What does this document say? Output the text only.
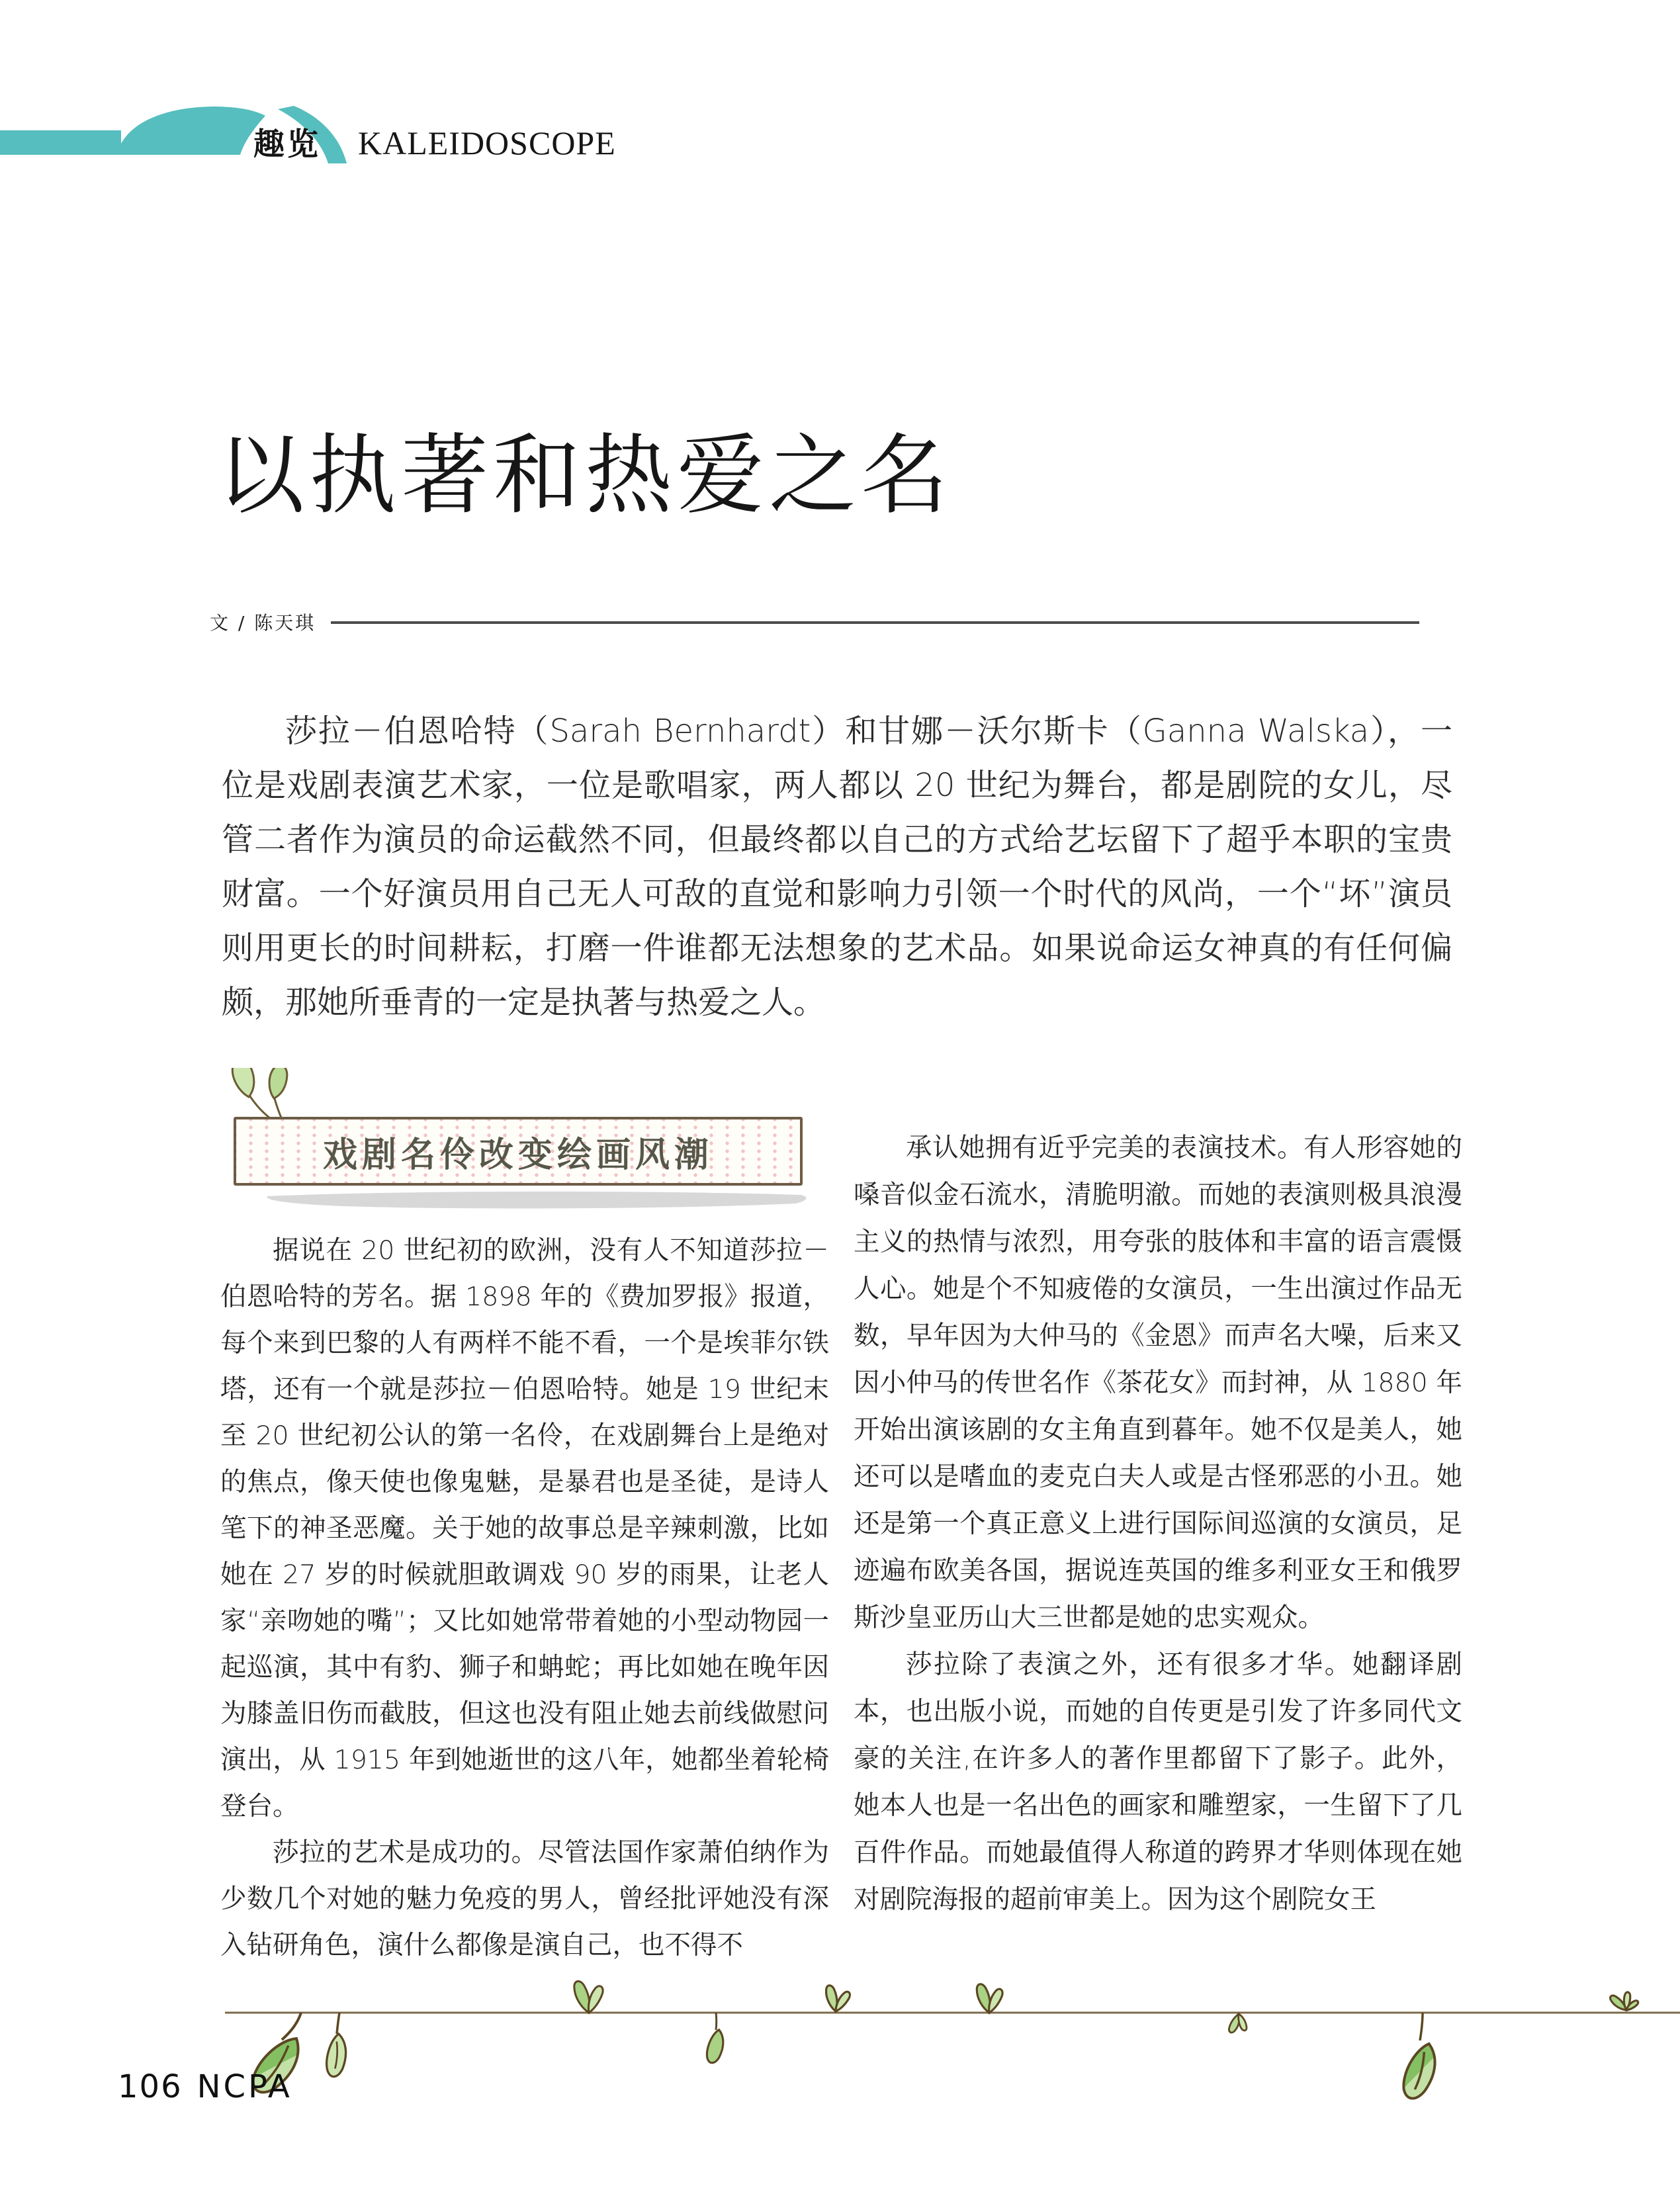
趣览 KALEIDOSCOPE
以执著和热爱之名
文 / 陈天琪

莎拉－伯恩哈特（Sarah Bernhardt）和甘娜－沃尔斯卡（Ganna Walska），一位是戏剧表演艺术家，一位是歌唱家，两人都以 20 世纪为舞台，都是剧院的女儿，尽管二者作为演员的命运截然不同，但最终都以自己的方式给艺坛留下了超乎本职的宝贵财富。一个好演员用自己无人可敌的直觉和影响力引领一个时代的风尚，一个“坏”演员则用更长的时间耕耘，打磨一件谁都无法想象的艺术品。如果说命运女神真的有任何偏颇，那她所垂青的一定是执著与热爱之人。

戏剧名伶改变绘画风潮

据说在 20 世纪初的欧洲，没有人不知道莎拉－伯恩哈特的芳名。据 1898 年的《费加罗报》报道，每个来到巴黎的人有两样不能不看，一个是埃菲尔铁塔，还有一个就是莎拉－伯恩哈特。她是 19 世纪末至 20 世纪初公认的第一名伶，在戏剧舞台上是绝对的焦点，像天使也像鬼魅，是暴君也是圣徒，是诗人笔下的神圣恶魔。关于她的故事总是辛辣刺激，比如她在 27 岁的时候就胆敢调戏 90 岁的雨果，让老人家“亲吻她的嘴”；又比如她常带着她的小型动物园一起巡演，其中有豹、狮子和蚺蛇；再比如她在晚年因为膝盖旧伤而截肢，但这也没有阻止她去前线做慰问演出，从 1915 年到她逝世的这八年，她都坐着轮椅登台。

莎拉的艺术是成功的。尽管法国作家萧伯纳作为少数几个对她的魅力免疫的男人，曾经批评她没有深入钻研角色，演什么都像是演自己，也不得不

承认她拥有近乎完美的表演技术。有人形容她的嗓音似金石流水，清脆明澈。而她的表演则极具浪漫主义的热情与浓烈，用夸张的肢体和丰富的语言震慑人心。她是个不知疲倦的女演员，一生出演过作品无数，早年因为大仲马的《金恩》而声名大噪，后来又因小仲马的传世名作《茶花女》而封神，从 1880 年开始出演该剧的女主角直到暮年。她不仅是美人，她还可以是嗜血的麦克白夫人或是古怪邪恶的小丑。她还是第一个真正意义上进行国际间巡演的女演员，足迹遍布欧美各国，据说连英国的维多利亚女王和俄罗斯沙皇亚历山大三世都是她的忠实观众。

莎拉除了表演之外，还有很多才华。她翻译剧本，也出版小说，而她的自传更是引发了许多同代文豪的关注,在许多人的著作里都留下了影子。此外，她本人也是一名出色的画家和雕塑家，一生留下了几百件作品。而她最值得人称道的跨界才华则体现在她对剧院海报的超前审美上。因为这个剧院女王

106 NCPA
